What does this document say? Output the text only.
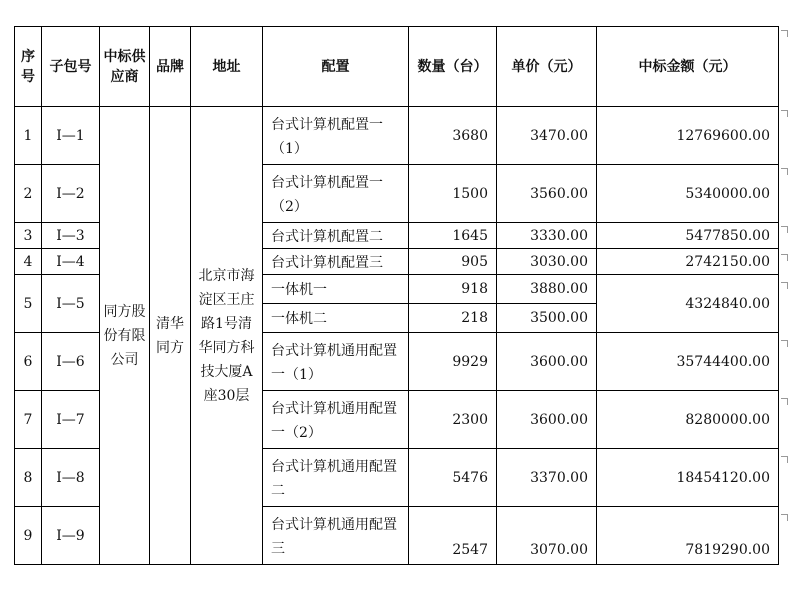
序号	子包号	中标供应商	品牌	地址	配置	数量（台）	单价（元）	中标金额（元）
1	I—1	同方股份有限公司	清华同方	北京市海淀区王庄路1号清华同方科技大厦A座30层	台式计算机配置一（1）	3680	3470.00	12769600.00
2	I—2				台式计算机配置一（2）	1500	3560.00	5340000.00
3	I—3				台式计算机配置二	1645	3330.00	5477850.00
4	I—4				台式计算机配置三	905	3030.00	2742150.00
5	I—5				一体机一	918	3880.00	4324840.00
					一体机二	218	3500.00	
6	I—6				台式计算机通用配置一（1）	9929	3600.00	35744400.00
7	I—7				台式计算机通用配置一（2）	2300	3600.00	8280000.00
8	I—8				台式计算机通用配置二	5476	3370.00	18454120.00
9	I—9				台式计算机通用配置三	2547	3070.00	7819290.00
